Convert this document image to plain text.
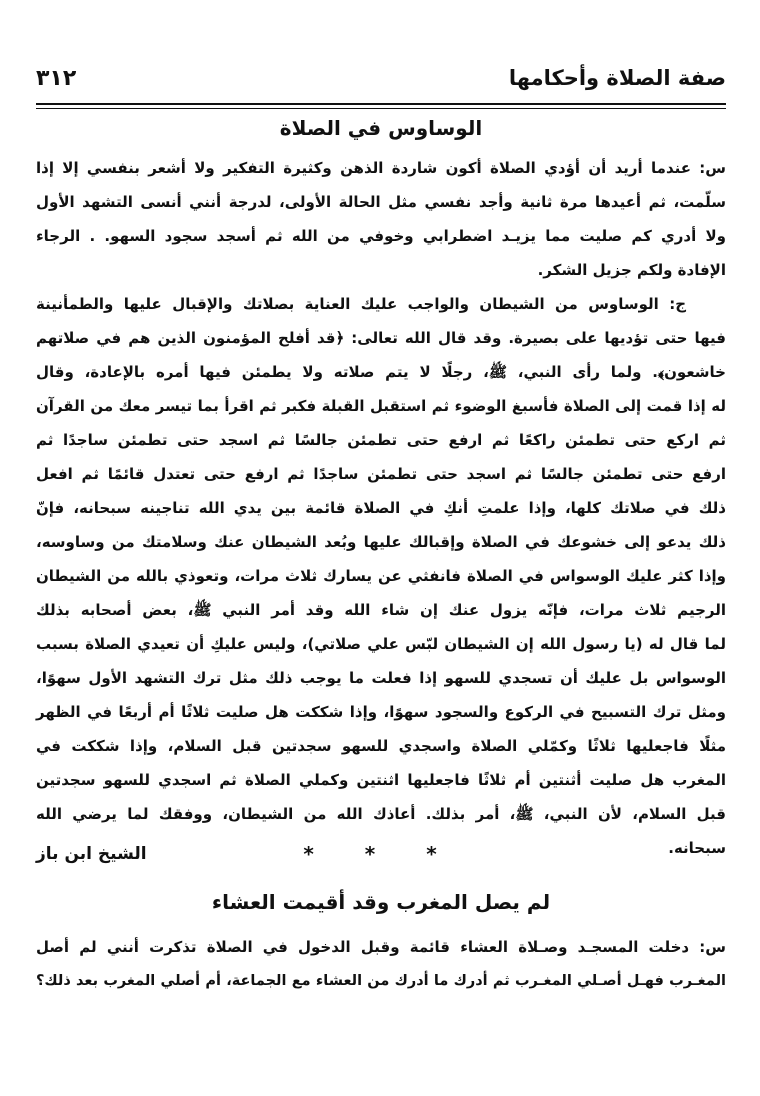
صفة الصلاة وأحكامها
٣١٢
الوساوس في الصلاة
س: عندما أريد أن أؤدي الصلاة أكون شاردة الذهن وكثيرة التفكير ولا أشعر بنفسي إلا إذا
سلّمت، ثم أعيدها مرة ثانية وأجد نفسي مثل الحالة الأولى، لدرجة أنني أنسى التشهد الأول
ولا أدري كم صليت مما يزيـد اضطرابي وخوفي من الله ثم أسجد سجود السهو. . الرجاء
الإفادة ولكم جزيل الشكر.
ج: الوساوس من الشيطان والواجب عليك العناية بصلاتك والإقبال عليها والطمأنينة
فيها حتى تؤديها على بصيرة. وقد قال الله تعالى: ﴿قد أفلح المؤمنون الذين هم في صلاتهم
خاشعون﴾. ولما رأى النبي، ﷺ، رجلًا لا يتم صلاته ولا يطمئن فيها أمره بالإعادة، وقال
له إذا قمت إلى الصلاة فأسبغ الوضوء ثم استقبل القبلة فكبر ثم اقرأ بما تيسر معك من القرآن
ثم اركع حتى تطمئن راكعًا ثم ارفع حتى تطمئن جالسًا ثم اسجد حتى تطمئن ساجدًا ثم
ارفع حتى تطمئن جالسًا ثم اسجد حتى تطمئن ساجدًا ثم ارفع حتى تعتدل قائمًا ثم افعل
ذلك في صلاتك كلها، وإذا علمتِ أنكِ في الصلاة قائمة بين يدي الله تناجينه سبحانه، فإنّ
ذلك يدعو إلى خشوعك في الصلاة وإقبالك عليها وبُعد الشيطان عنك وسلامتك من وساوسه،
وإذا كثر عليك الوسواس في الصلاة فانفثي عن يسارك ثلاث مرات، وتعوذي بالله من الشيطان
الرجيم ثلاث مرات، فإنّه يزول عنك إن شاء الله وقد أمر النبي ﷺ، بعض أصحابه بذلك
لما قال له (يا رسول الله إن الشيطان لبّس علي صلاتي)، وليس عليكِ أن تعيدي الصلاة بسبب
الوسواس بل عليك أن تسجدي للسهو إذا فعلت ما يوجب ذلك مثل ترك التشهد الأول سهوًا،
ومثل ترك التسبيح في الركوع والسجود سهوًا، وإذا شككت هل صليت ثلاثًا أم أربعًا في الظهر
مثلًا فاجعليها ثلاثًا وكمّلي الصلاة واسجدي للسهو سجدتين قبل السلام، وإذا شككت في
المغرب هل صليت أثنتين أم ثلاثًا فاجعليها اثنتين وكملي الصلاة ثم اسجدي للسهو سجدتين
قبل السلام، لأن النبي، ﷺ، أمر بذلك. أعاذك الله من الشيطان، ووفقك لما يرضي الله
سبحانه.
* * *
الشيخ ابن باز
لم يصل المغرب وقد أقيمت العشاء
س: دخلت المسجـد وصـلاة العشاء قائمة وقبل الدخول في الصلاة تذكرت أنني لم أصل
المغـرب فهـل أصـلي المغـرب ثم أدرك ما أدرك من العشاء مع الجماعة، أم أصلي المغرب بعد ذلك؟
